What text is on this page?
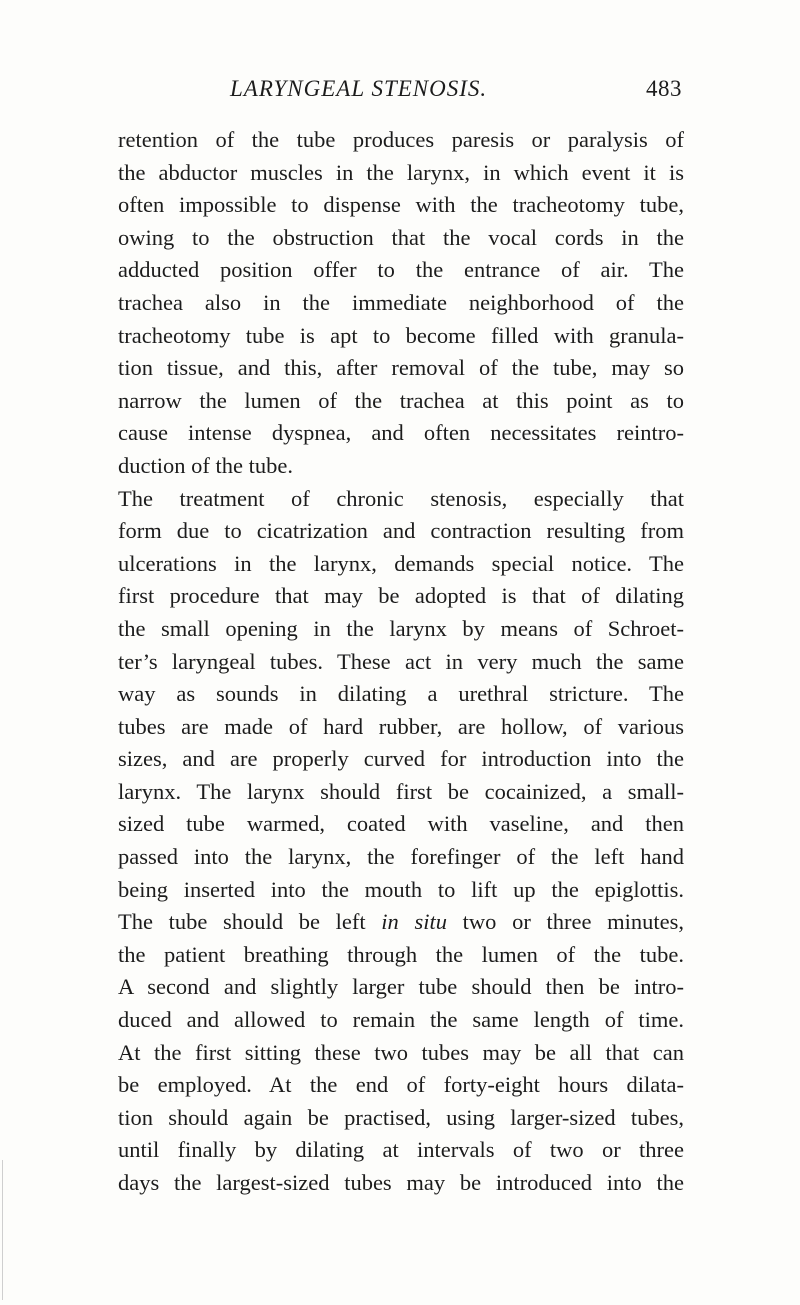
LARYNGEAL STENOSIS.	483
retention of the tube produces paresis or paralysis of
the abductor muscles in the larynx, in which event it is
often impossible to dispense with the tracheotomy tube,
owing to the obstruction that the vocal cords in the
adducted position offer to the entrance of air. The
trachea also in the immediate neighborhood of the
tracheotomy tube is apt to become filled with granula-
tion tissue, and this, after removal of the tube, may so
narrow the lumen of the trachea at this point as to
cause intense dyspnea, and often necessitates reintro-
duction of the tube.
The treatment of chronic stenosis, especially that
form due to cicatrization and contraction resulting from
ulcerations in the larynx, demands special notice. The
first procedure that may be adopted is that of dilating
the small opening in the larynx by means of Schroet-
ter’s laryngeal tubes. These act in very much the same
way as sounds in dilating a urethral stricture. The
tubes are made of hard rubber, are hollow, of various
sizes, and are properly curved for introduction into the
larynx. The larynx should first be cocainized, a small-
sized tube warmed, coated with vaseline, and then
passed into the larynx, the forefinger of the left hand
being inserted into the mouth to lift up the epiglottis.
The tube should be left in situ two or three minutes,
the patient breathing through the lumen of the tube.
A second and slightly larger tube should then be intro-
duced and allowed to remain the same length of time.
At the first sitting these two tubes may be all that can
be employed. At the end of forty-eight hours dilata-
tion should again be practised, using larger-sized tubes,
until finally by dilating at intervals of two or three
days the largest-sized tubes may be introduced into the
